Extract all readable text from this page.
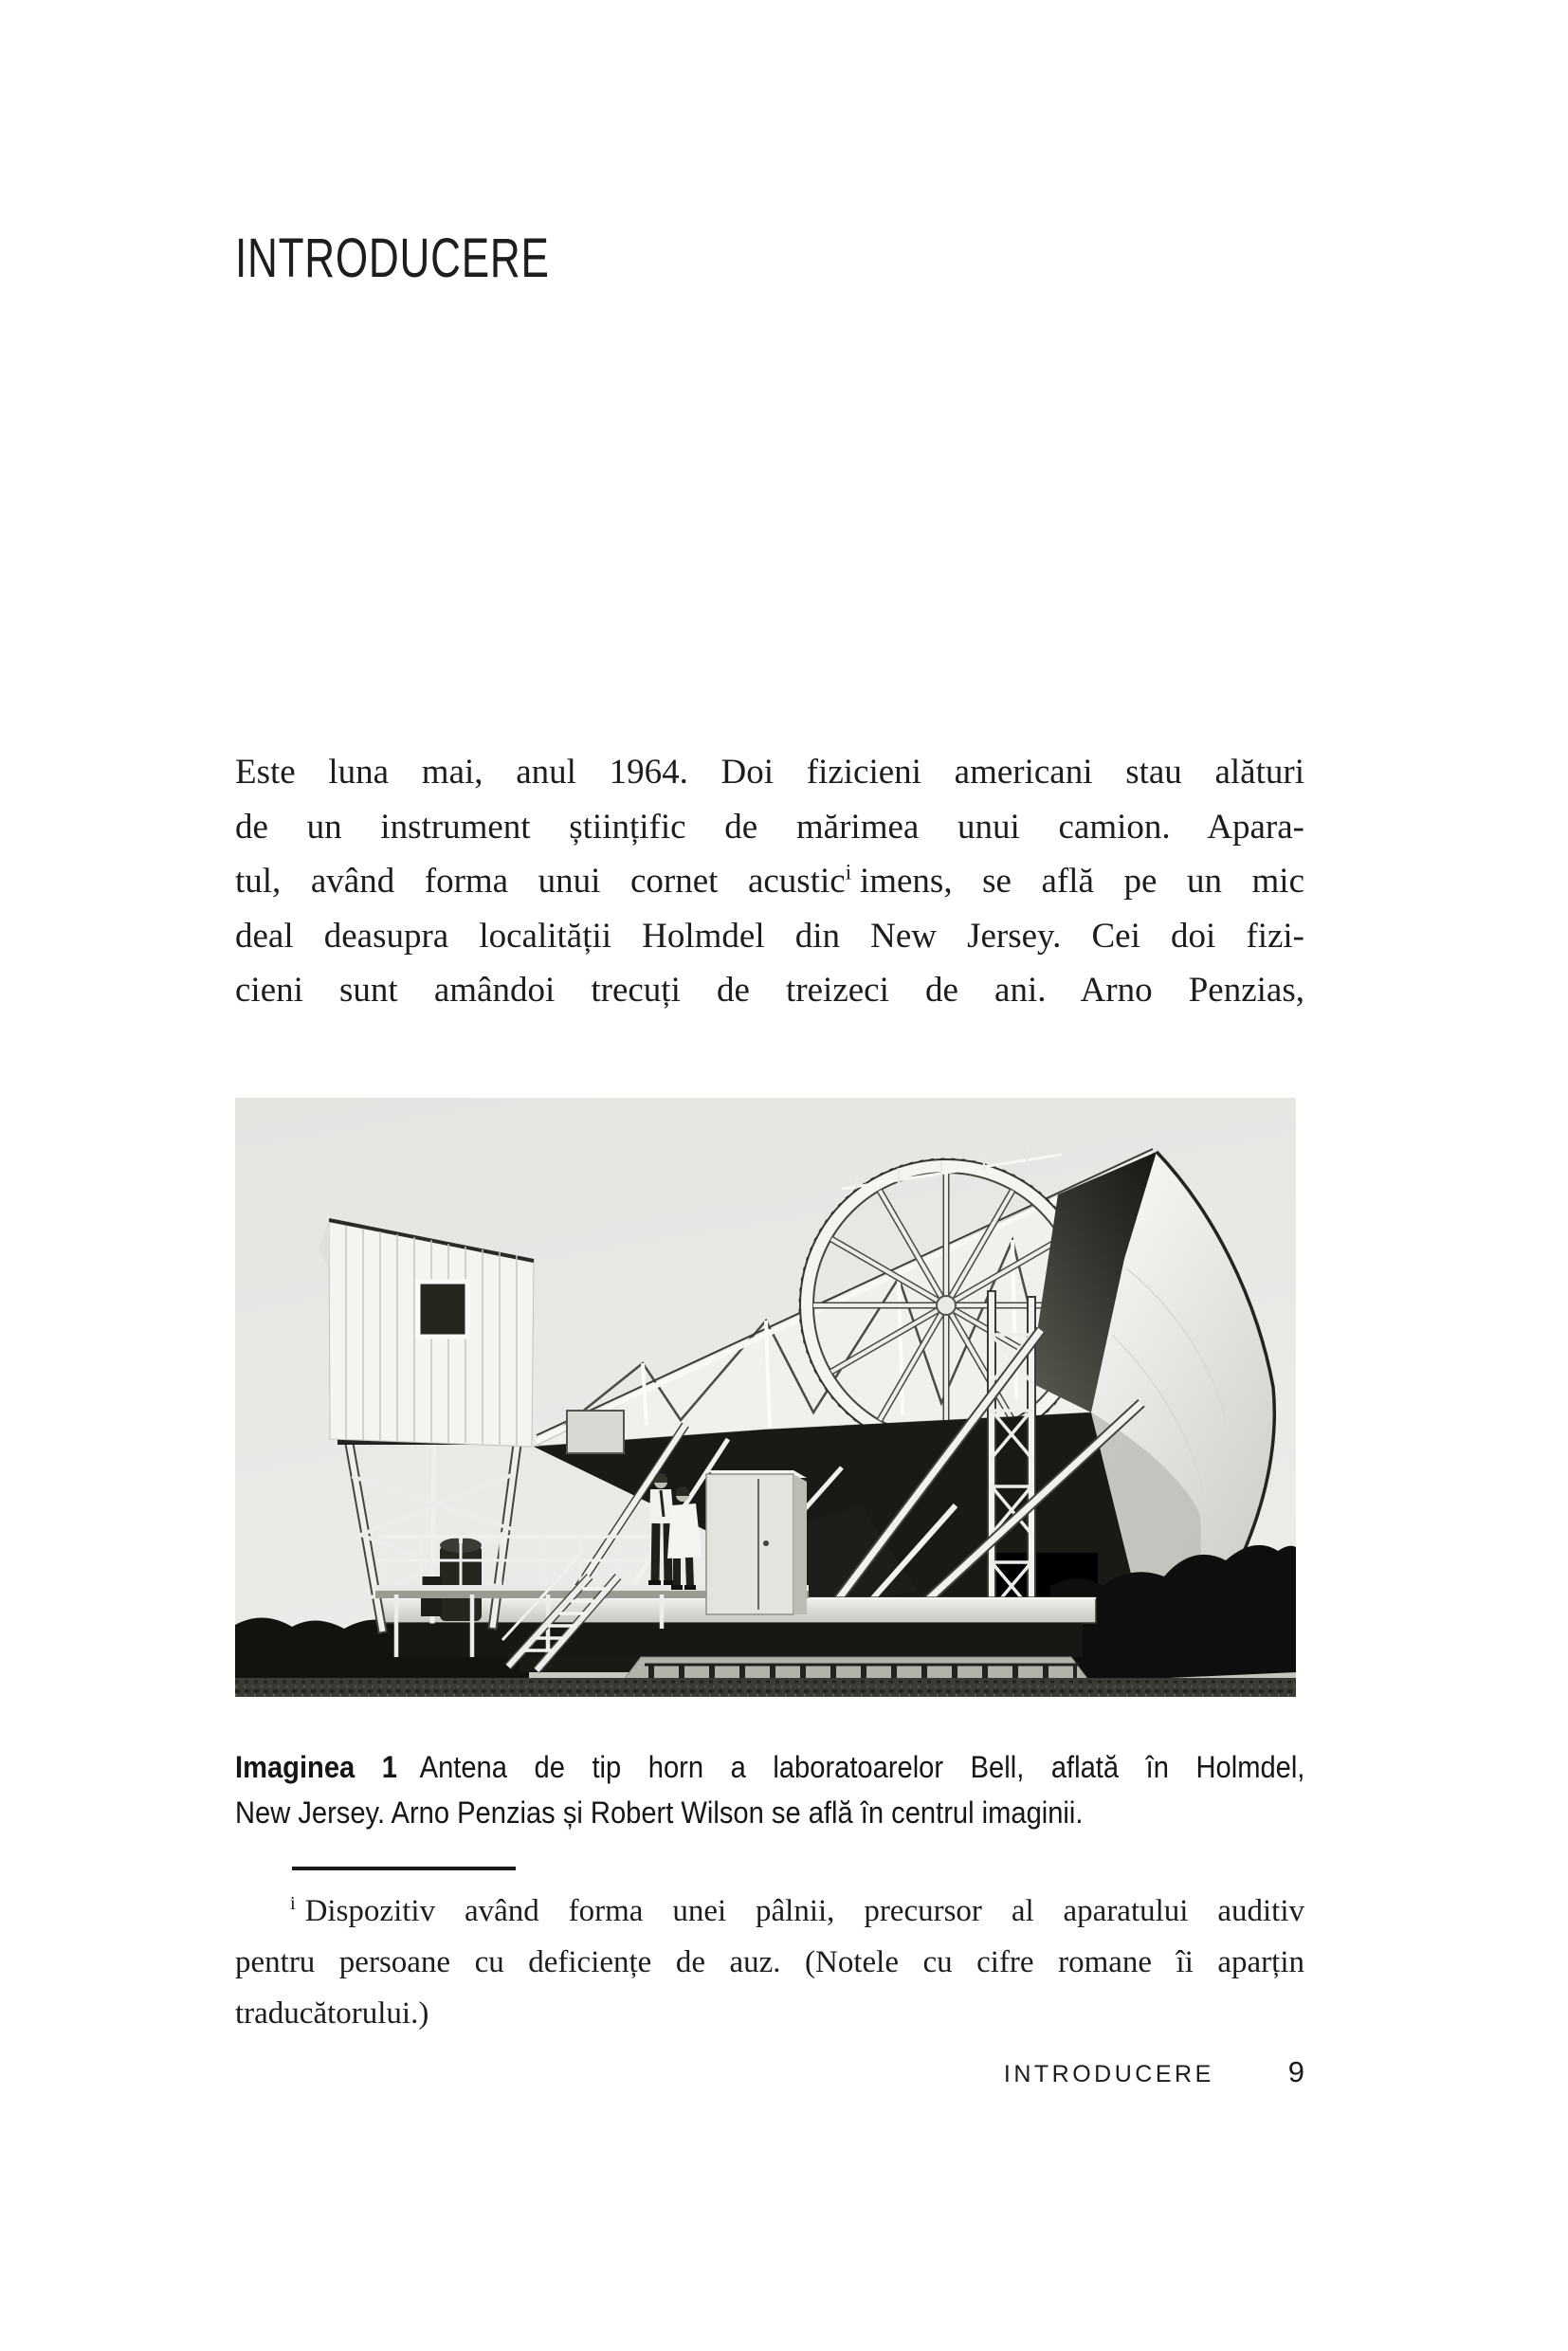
INTRODUCERE
Este luna mai, anul 1964. Doi fizicieni americani stau alături
de un instrument științific de mărimea unui camion. Apara-
tul, având forma unui cornet acustic$^i$ imens, se află pe un mic
deal deasupra localității Holmdel din New Jersey. Cei doi fizi-
cieni sunt amândoi trecuți de treizeci de ani. Arno Penzias,
Imaginea 1 Antena de tip horn a laboratoarelor Bell, aflată în Holmdel,
New Jersey. Arno Penzias și Robert Wilson se află în centrul imaginii.
$^i$ Dispozitiv având forma unei pâlnii, precursor al aparatului auditiv
pentru persoane cu deficiențe de auz. (Notele cu cifre romane îi aparțin
traducătorului.)
INTRODUCERE	9
